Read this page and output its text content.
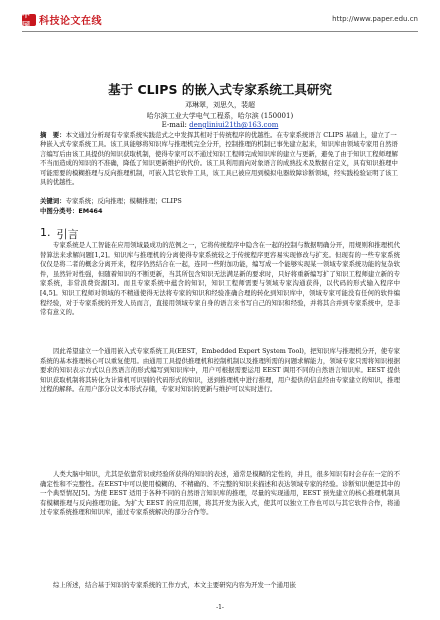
中国 科技论文在线	http://www.paper.edu.cn
基于 CLIPS 的嵌入式专家系统工具研究
邓琳翠，刘思久，裴超
哈尔滨工业大学电气工程系，哈尔滨 (150001)
E-mail: dengliniui21th@163.com
摘　要：本文通过分析现有专家系统实践范式之中发挥其相对于传统程序的优越性。在专家系统语言 CLIPS 基础上，建立了一种嵌入式专家系统工具。该工具能够将知识库与推理机完全分开，控制推理的机制已事先建立起来，知识库由领域专家用自然语言编写后由该工具提供的知识获取机制，使得专家可以不通过知识工程师完成知识库的建立与更新，避免了由于知识工程师理解不当而造成的知识的不准确，降低了知识更新维护的代价。该工具利用面向对象语言的成熟技术及数据自定义，具有知识推理中可能需要的模糊推理与反向推理机制，可嵌入其它软件工具，该工具已被应用到模拟电器故障诊断领域，经实践检验证明了该工具的优越性。
关键词：专家系统；反向推理；模糊推理；CLIPS
中图分类号：EM464
1. 引言
专家系统是人工智能在应用领域最成功的范例之一，它将传统程序中隐含在一起的控制与数据明确分开，用规则和推理机代替算法来求解问题[1,2]。知识库与推理机的分离使得专家系统较之于传统程序更容易实现修改与扩充。但现有的一些专家系统仅仅是将二者的概念分离开来，程序仍然结合在一起，连同一些附加功能，编写成一个能够实现某一领域专家系统功能的复杂软件，虽然针对性强，但随着知识的不断更新，当其所包含知识无法满足新的要求时，只好将重新编写扩了知识工程师建立新的专家系统，非常浪费资源[3]。而且专家系统中蕴含的知识，知识工程师需要与领域专家沟通获得，以代码的形式输入程序中[4,5]。知识工程师对领域的不精通使得无法将专家的知识和经验准确合理的转化到知识库中，领域专家可能没有任何的软件编程经验，对于专家系统的开发人员而言，直接用领域专家自身的语言来书写自己的知识和经验，并将其合并到专家系统中，是非常有意义的。
因此希望建立一个通用嵌入式专家系统工具(EEST，Embedded Expert System Tool)，把知识库与推理机分开，使专家系统的基本推理核心可以重复使用。由通用工具提供推理机和控制机制以及推理所需的问题求解能力，领域专家只需将知识根据要求的知识表示方式以自然语言的形式编写到知识库中，用户可根据需要运用 EEST 调用不同的自然语言知识库。EEST 提供知识获取机制将其转化为计算机可识别的代码形式的知识，送到推理机中进行推理，用户提供的信息经由专家建立的知识，推理过程的解释。在用户部分以文本形式存储，专家对知识的更新与维护可以实时进行。
人类大脑中知识，尤其是依靠常识或经验所获得的知识的表述，通常是模糊的定性的，并且，很多知识有时会存在一定的不确定性和不完整性。在EEST中可以使用模糊的、不精确的、不完整的知识来描述和表达领域专家的经验。诊断知识便是其中的一个典型情况[5]。为使 EEST 适用于各种不同的自然语言知识库的推理，尽量的实现通用，EEST 预先建立的核心推理机制具有模糊推理与反向推理功能。为扩大 EEST 的应用范围，将其开发为嵌入式，使其可以独立工作也可以与其它软件合作，将通过专家系统推理和知识库，通过专家系统解决的部分合作等。
综上所述，结合基于知识的专家系统的工作方式，本文主要研究内容为开发一个通用嵌
-1-
